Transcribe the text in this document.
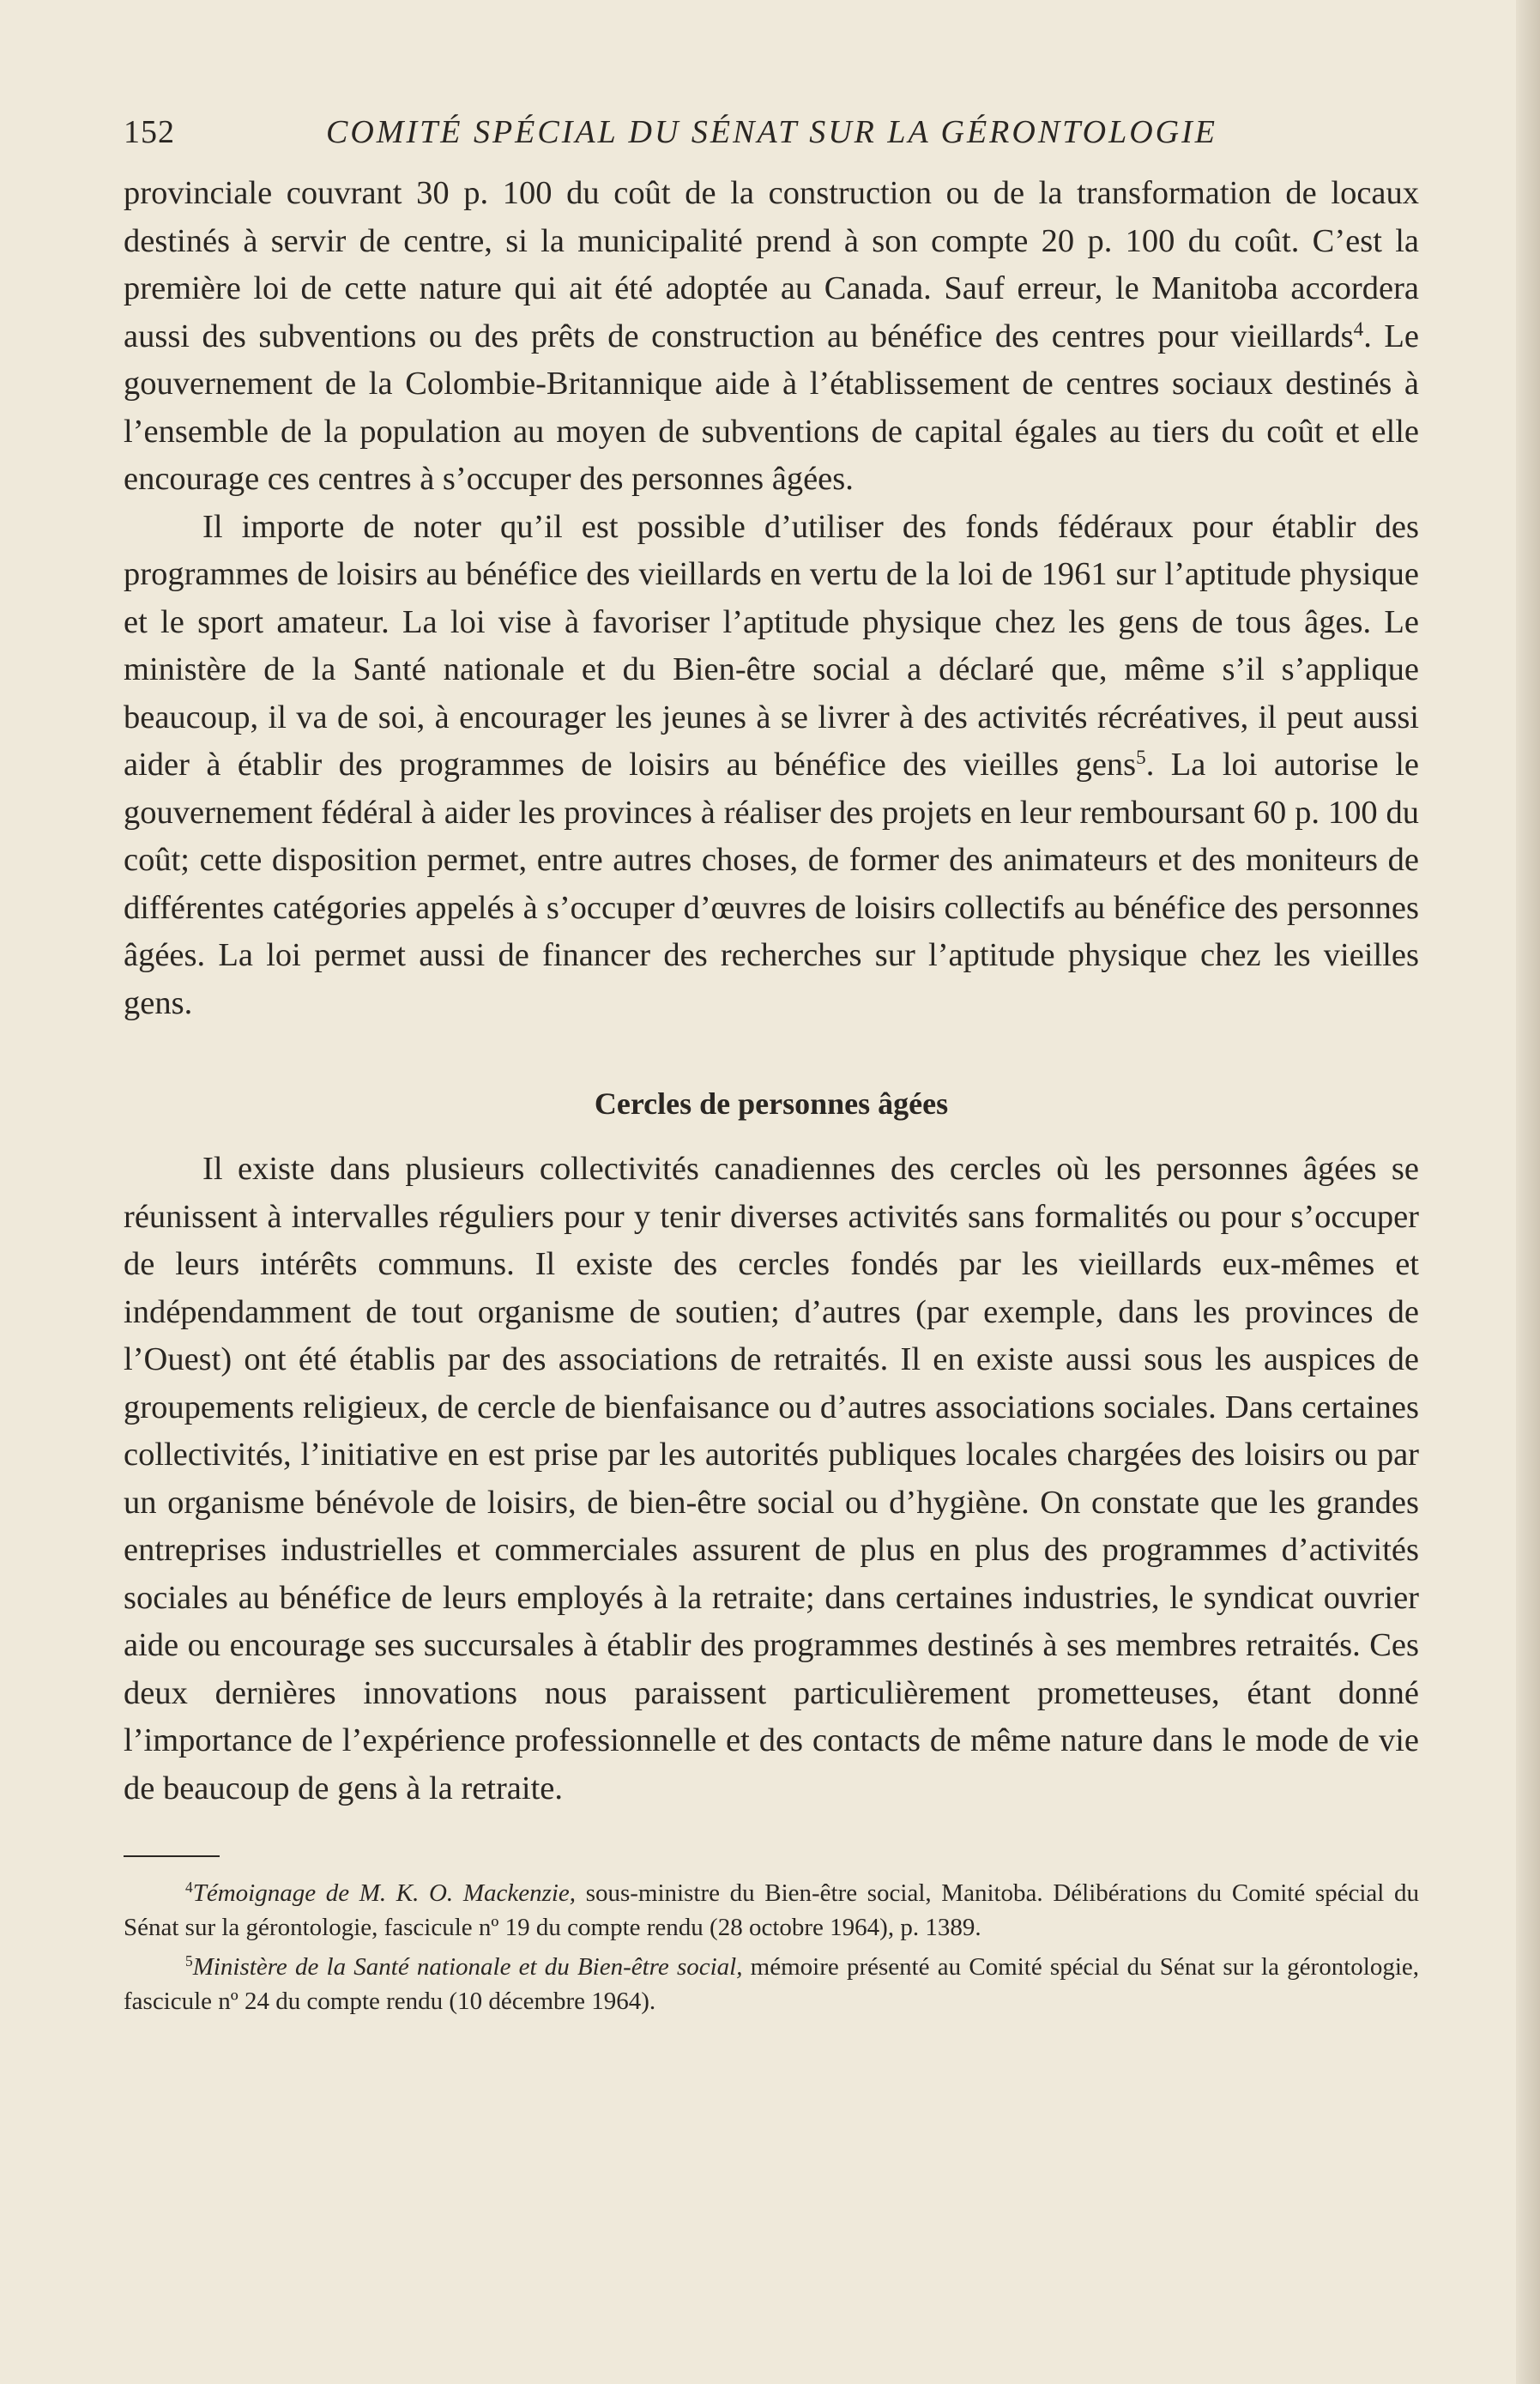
152	COMITÉ SPÉCIAL DU SÉNAT SUR LA GÉRONTOLOGIE

provinciale couvrant 30 p. 100 du coût de la construction ou de la transformation de locaux destinés à servir de centre, si la municipalité prend à son compte 20 p. 100 du coût. C’est la première loi de cette nature qui ait été adoptée au Canada. Sauf erreur, le Manitoba accordera aussi des subventions ou des prêts de construction au bénéfice des centres pour vieillards$^4$. Le gouvernement de la Colombie-Britannique aide à l’établissement de centres sociaux destinés à l’ensemble de la population au moyen de subventions de capital égales au tiers du coût et elle encourage ces centres à s’occuper des personnes âgées.

Il importe de noter qu’il est possible d’utiliser des fonds fédéraux pour établir des programmes de loisirs au bénéfice des vieillards en vertu de la loi de 1961 sur l’aptitude physique et le sport amateur. La loi vise à favoriser l’aptitude physique chez les gens de tous âges. Le ministère de la Santé nationale et du Bien-être social a déclaré que, même s’il s’applique beaucoup, il va de soi, à encourager les jeunes à se livrer à des activités récréatives, il peut aussi aider à établir des programmes de loisirs au bénéfice des vieilles gens$^5$. La loi autorise le gouvernement fédéral à aider les provinces à réaliser des projets en leur remboursant 60 p. 100 du coût; cette disposition permet, entre autres choses, de former des animateurs et des moniteurs de différentes catégories appelés à s’occuper d’œuvres de loisirs collectifs au bénéfice des personnes âgées. La loi permet aussi de financer des recherches sur l’aptitude physique chez les vieilles gens.

Cercles de personnes âgées

Il existe dans plusieurs collectivités canadiennes des cercles où les personnes âgées se réunissent à intervalles réguliers pour y tenir diverses activités sans formalités ou pour s’occuper de leurs intérêts communs. Il existe des cercles fondés par les vieillards eux-mêmes et indépendamment de tout organisme de soutien; d’autres (par exemple, dans les provinces de l’Ouest) ont été établis par des associations de retraités. Il en existe aussi sous les auspices de groupements religieux, de cercle de bienfaisance ou d’autres associations sociales. Dans certaines collectivités, l’initiative en est prise par les autorités publiques locales chargées des loisirs ou par un organisme bénévole de loisirs, de bien-être social ou d’hygiène. On constate que les grandes entreprises industrielles et commerciales assurent de plus en plus des programmes d’activités sociales au bénéfice de leurs employés à la retraite; dans certaines industries, le syndicat ouvrier aide ou encourage ses succursales à établir des programmes destinés à ses membres retraités. Ces deux dernières innovations nous paraissent particulièrement prometteuses, étant donné l’importance de l’expérience professionnelle et des contacts de même nature dans le mode de vie de beaucoup de gens à la retraite.

$^4$Témoignage de M. K. O. Mackenzie, sous-ministre du Bien-être social, Manitoba. Délibérations du Comité spécial du Sénat sur la gérontologie, fascicule nº 19 du compte rendu (28 octobre 1964), p. 1389.

$^5$Ministère de la Santé nationale et du Bien-être social, mémoire présenté au Comité spécial du Sénat sur la gérontologie, fascicule nº 24 du compte rendu (10 décembre 1964).
